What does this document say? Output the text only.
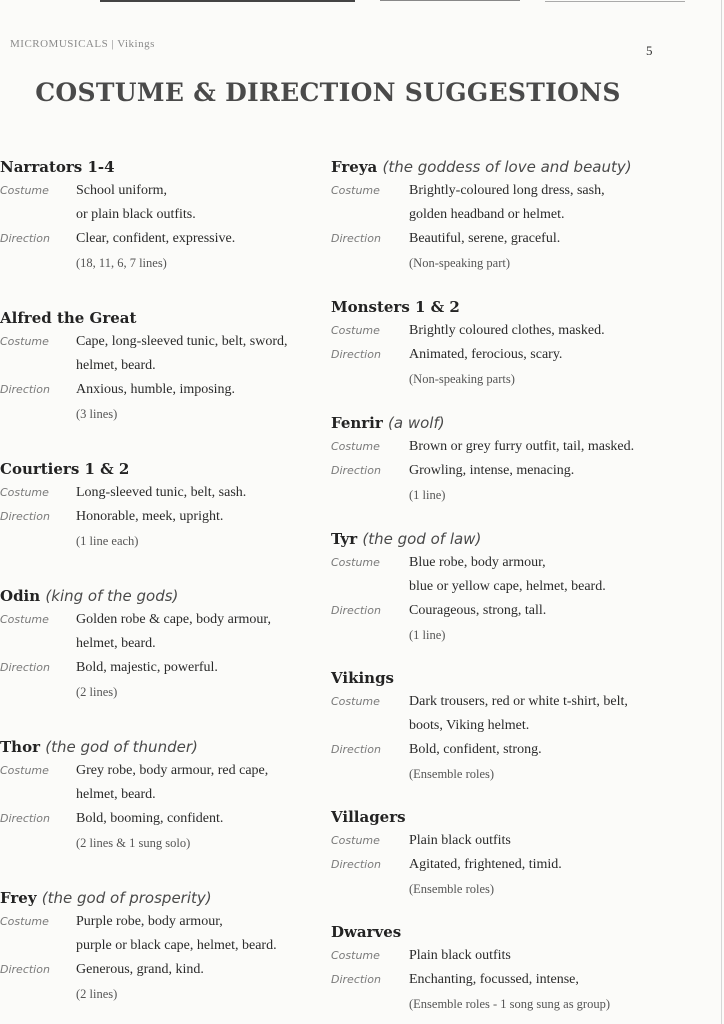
MICROMUSICALS | Vikings	5
COSTUME & DIRECTION SUGGESTIONS
Narrators 1-4
Costume	School uniform,
or plain black outfits.
Direction	Clear, confident, expressive.
(18, 11, 6, 7 lines)
Alfred the Great
Costume	Cape, long-sleeved tunic, belt, sword,
helmet, beard.
Direction	Anxious, humble, imposing.
(3 lines)
Courtiers 1 & 2
Costume	Long-sleeved tunic, belt, sash.
Direction	Honorable, meek, upright.
(1 line each)
Odin (king of the gods)
Costume	Golden robe & cape, body armour,
helmet, beard.
Direction	Bold, majestic, powerful.
(2 lines)
Thor (the god of thunder)
Costume	Grey robe, body armour, red cape,
helmet, beard.
Direction	Bold, booming, confident.
(2 lines & 1 sung solo)
Frey (the god of prosperity)
Costume	Purple robe, body armour,
purple or black cape, helmet, beard.
Direction	Generous, grand, kind.
(2 lines)
Freya (the goddess of love and beauty)
Costume	Brightly-coloured long dress, sash,
golden headband or helmet.
Direction	Beautiful, serene, graceful.
(Non-speaking part)
Monsters 1 & 2
Costume	Brightly coloured clothes, masked.
Direction	Animated, ferocious, scary.
(Non-speaking parts)
Fenrir (a wolf)
Costume	Brown or grey furry outfit, tail, masked.
Direction	Growling, intense, menacing.
(1 line)
Tyr (the god of law)
Costume	Blue robe, body armour,
blue or yellow cape, helmet, beard.
Direction	Courageous, strong, tall.
(1 line)
Vikings
Costume	Dark trousers, red or white t-shirt, belt,
boots, Viking helmet.
Direction	Bold, confident, strong.
(Ensemble roles)
Villagers
Costume	Plain black outfits
Direction	Agitated, frightened, timid.
(Ensemble roles)
Dwarves
Costume	Plain black outfits
Direction	Enchanting, focussed, intense,
(Ensemble roles - 1 song sung as group)
